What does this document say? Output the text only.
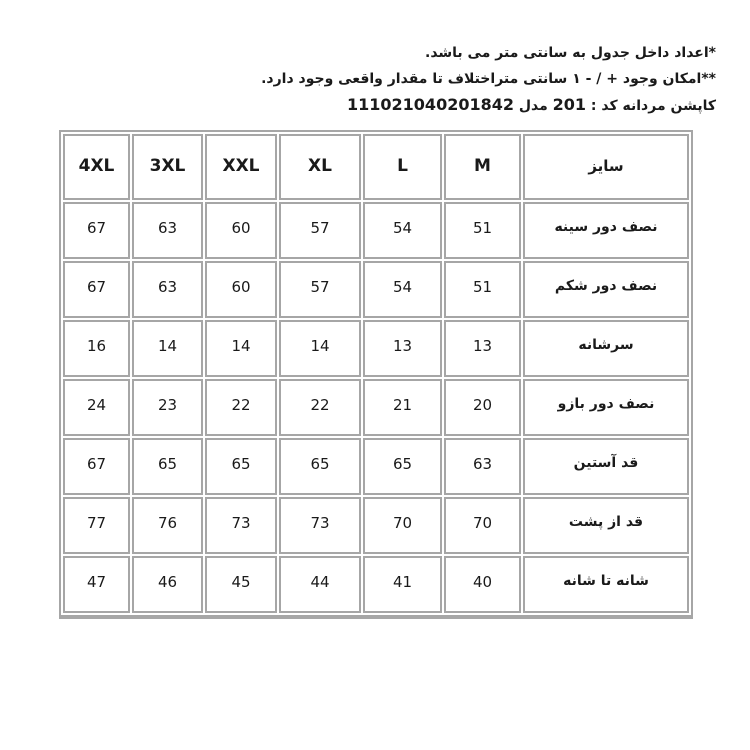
*اعداد داخل جدول به سانتی متر می باشد.
**امکان وجود + / - ۱ سانتی متراختلاف تا مقدار واقعی وجود دارد.
کاپشن مردانه کد : 201 مدل 111021040201842
4XL	3XL	XXL	XL	L	M	سایز
67	63	60	57	54	51	نصف دور سینه
67	63	60	57	54	51	نصف دور شکم
16	14	14	14	13	13	سرشانه
24	23	22	22	21	20	نصف دور بازو
67	65	65	65	65	63	قد آستین
77	76	73	73	70	70	قد از پشت
47	46	45	44	41	40	شانه تا شانه
